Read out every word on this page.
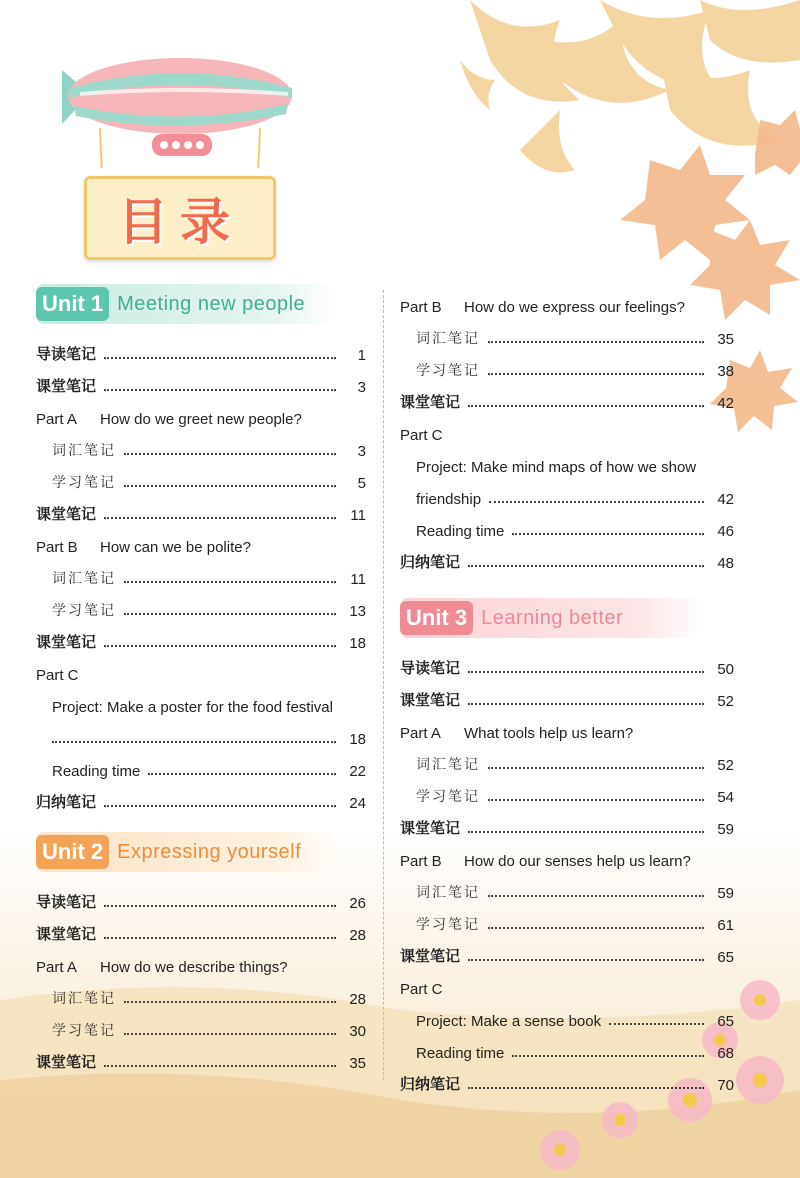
目录
Unit 1 Meeting new people
导读笔记	1
课堂笔记	3
Part A	How do we greet new people?
词汇笔记	3
学习笔记	5
课堂笔记	11
Part B	How can we be polite?
词汇笔记	11
学习笔记	13
课堂笔记	18
Part C
Project: Make a poster for the food festival
18
Reading time	22
归纳笔记	24
Unit 2 Expressing yourself
导读笔记	26
课堂笔记	28
Part A	How do we describe things?
词汇笔记	28
学习笔记	30
课堂笔记	35
Part B	How do we express our feelings?
词汇笔记	35
学习笔记	38
课堂笔记	42
Part C
Project: Make mind maps of how we show
friendship	42
Reading time	46
归纳笔记	48
Unit 3 Learning better
导读笔记	50
课堂笔记	52
Part A	What tools help us learn?
词汇笔记	52
学习笔记	54
课堂笔记	59
Part B	How do our senses help us learn?
词汇笔记	59
学习笔记	61
课堂笔记	65
Part C
Project: Make a sense book	65
Reading time	68
归纳笔记	70
